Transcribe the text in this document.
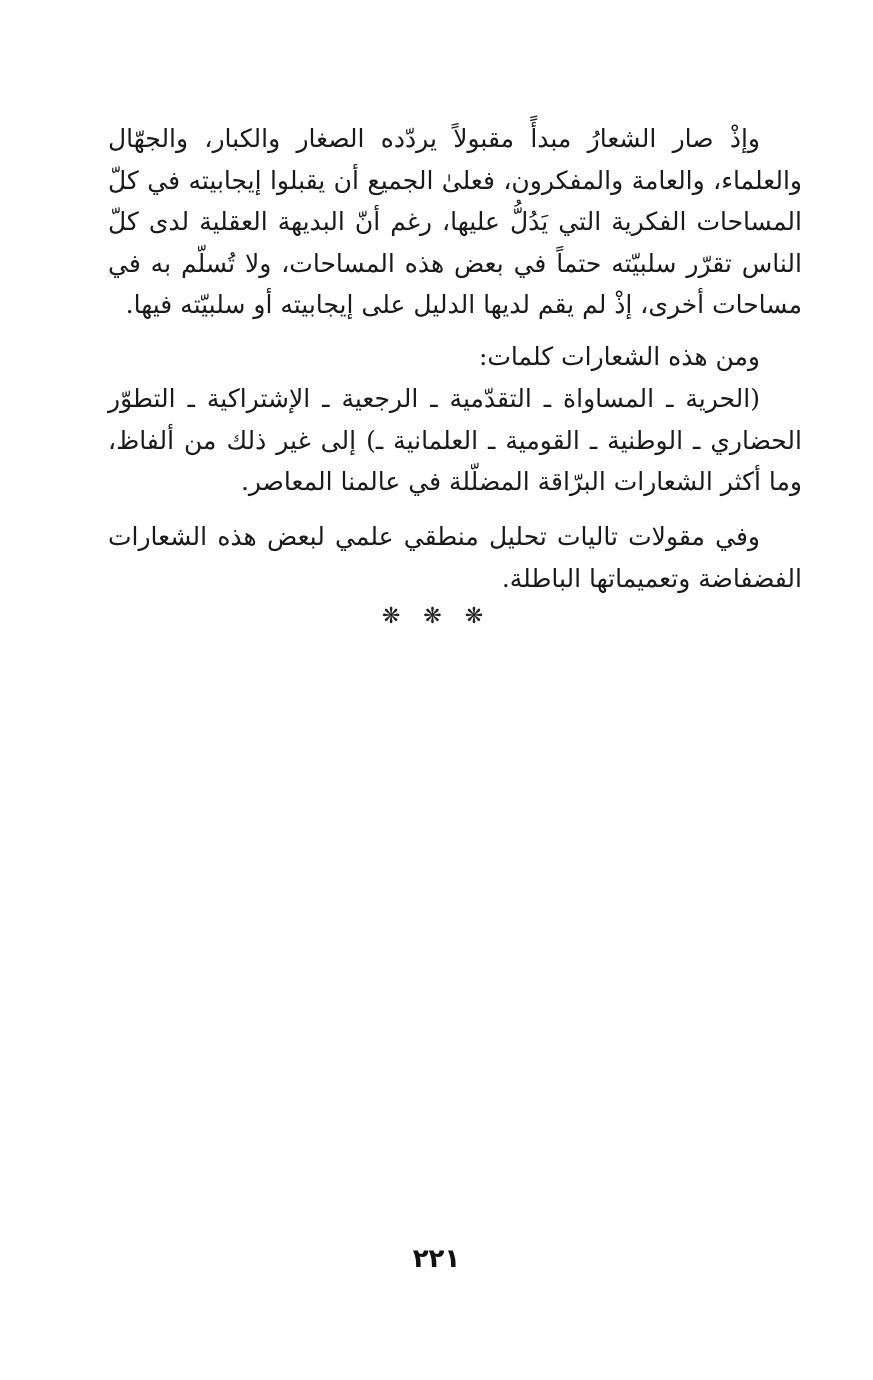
وإذْ صار الشعارُ مبدأً مقبولاً يردّده الصغار والكبار، والجهّال والعلماء، والعامة والمفكرون، فعلىٰ الجميع أن يقبلوا إيجابيته في كلّ المساحات الفكرية التي يَدُلُّ عليها، رغم أنّ البديهة العقلية لدى كلّ الناس تقرّر سلبيّته حتماً في بعض هذه المساحات، ولا تُسلّم به في مساحات أخرى، إذْ لم يقم لديها الدليل على إيجابيته أو سلبيّته فيها.

ومن هذه الشعارات كلمات:

(الحرية ـ المساواة ـ التقدّمية ـ الرجعية ـ الإشتراكية ـ التطوّر الحضاري ـ الوطنية ـ القومية ـ العلمانية ـ) إلى غير ذلك من ألفاظ، وما أكثر الشعارات البرّاقة المضلّلة في عالمنا المعاصر.

وفي مقولات تاليات تحليل منطقي علمي لبعض هذه الشعارات الفضفاضة وتعميماتها الباطلة.

❋ ❋ ❋
٢٢١
